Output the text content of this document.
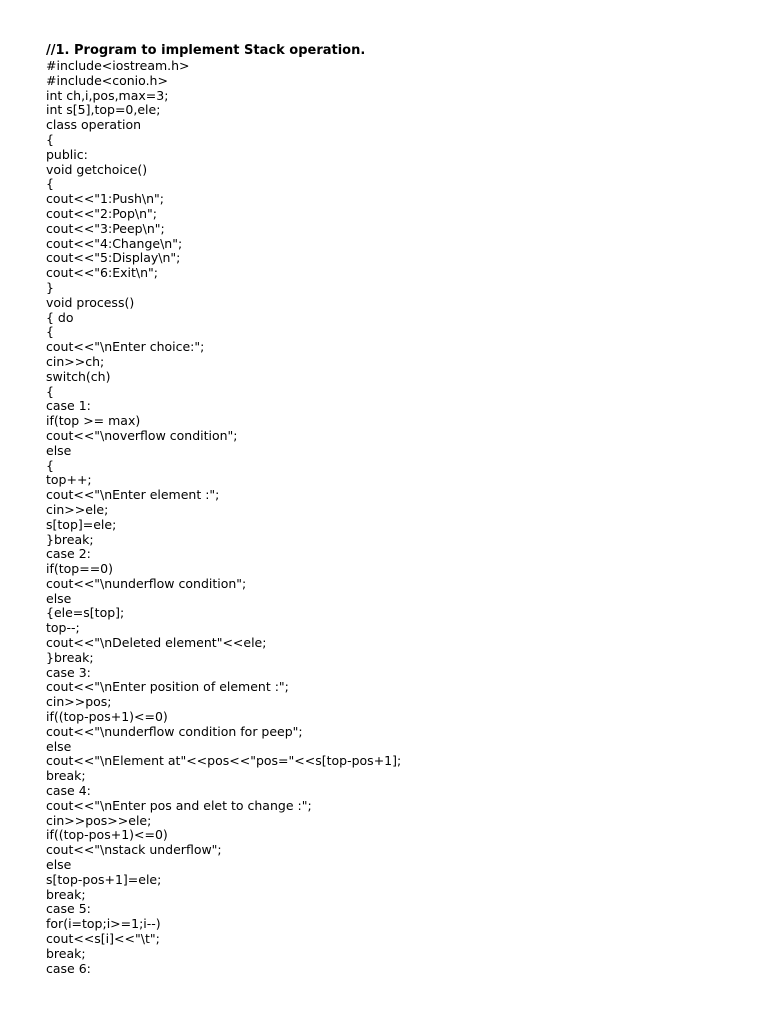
//1. Program to implement Stack operation.
#include<iostream.h>
#include<conio.h>
int ch,i,pos,max=3;
int s[5],top=0,ele;
class operation
{
public:
void getchoice()
{
cout<<"1:Push\n";
cout<<"2:Pop\n";
cout<<"3:Peep\n";
cout<<"4:Change\n";
cout<<"5:Display\n";
cout<<"6:Exit\n";
}
void process()
{ do
{
cout<<"\nEnter choice:";
cin>>ch;
switch(ch)
{
case 1:
if(top >= max)
cout<<"\noverflow condition";
else
{
top++;
cout<<"\nEnter element :";
cin>>ele;
s[top]=ele;
}break;
case 2:
if(top==0)
cout<<"\nunderflow condition";
else
{ele=s[top];
top--;
cout<<"\nDeleted element"<<ele;
}break;
case 3:
cout<<"\nEnter position of element :";
cin>>pos;
if((top-pos+1)<=0)
cout<<"\nunderflow condition for peep";
else
cout<<"\nElement at"<<pos<<"pos="<<s[top-pos+1];
break;
case 4:
cout<<"\nEnter pos and elet to change :";
cin>>pos>>ele;
if((top-pos+1)<=0)
cout<<"\nstack underflow";
else
s[top-pos+1]=ele;
break;
case 5:
for(i=top;i>=1;i--)
cout<<s[i]<<"\t";
break;
case 6:
